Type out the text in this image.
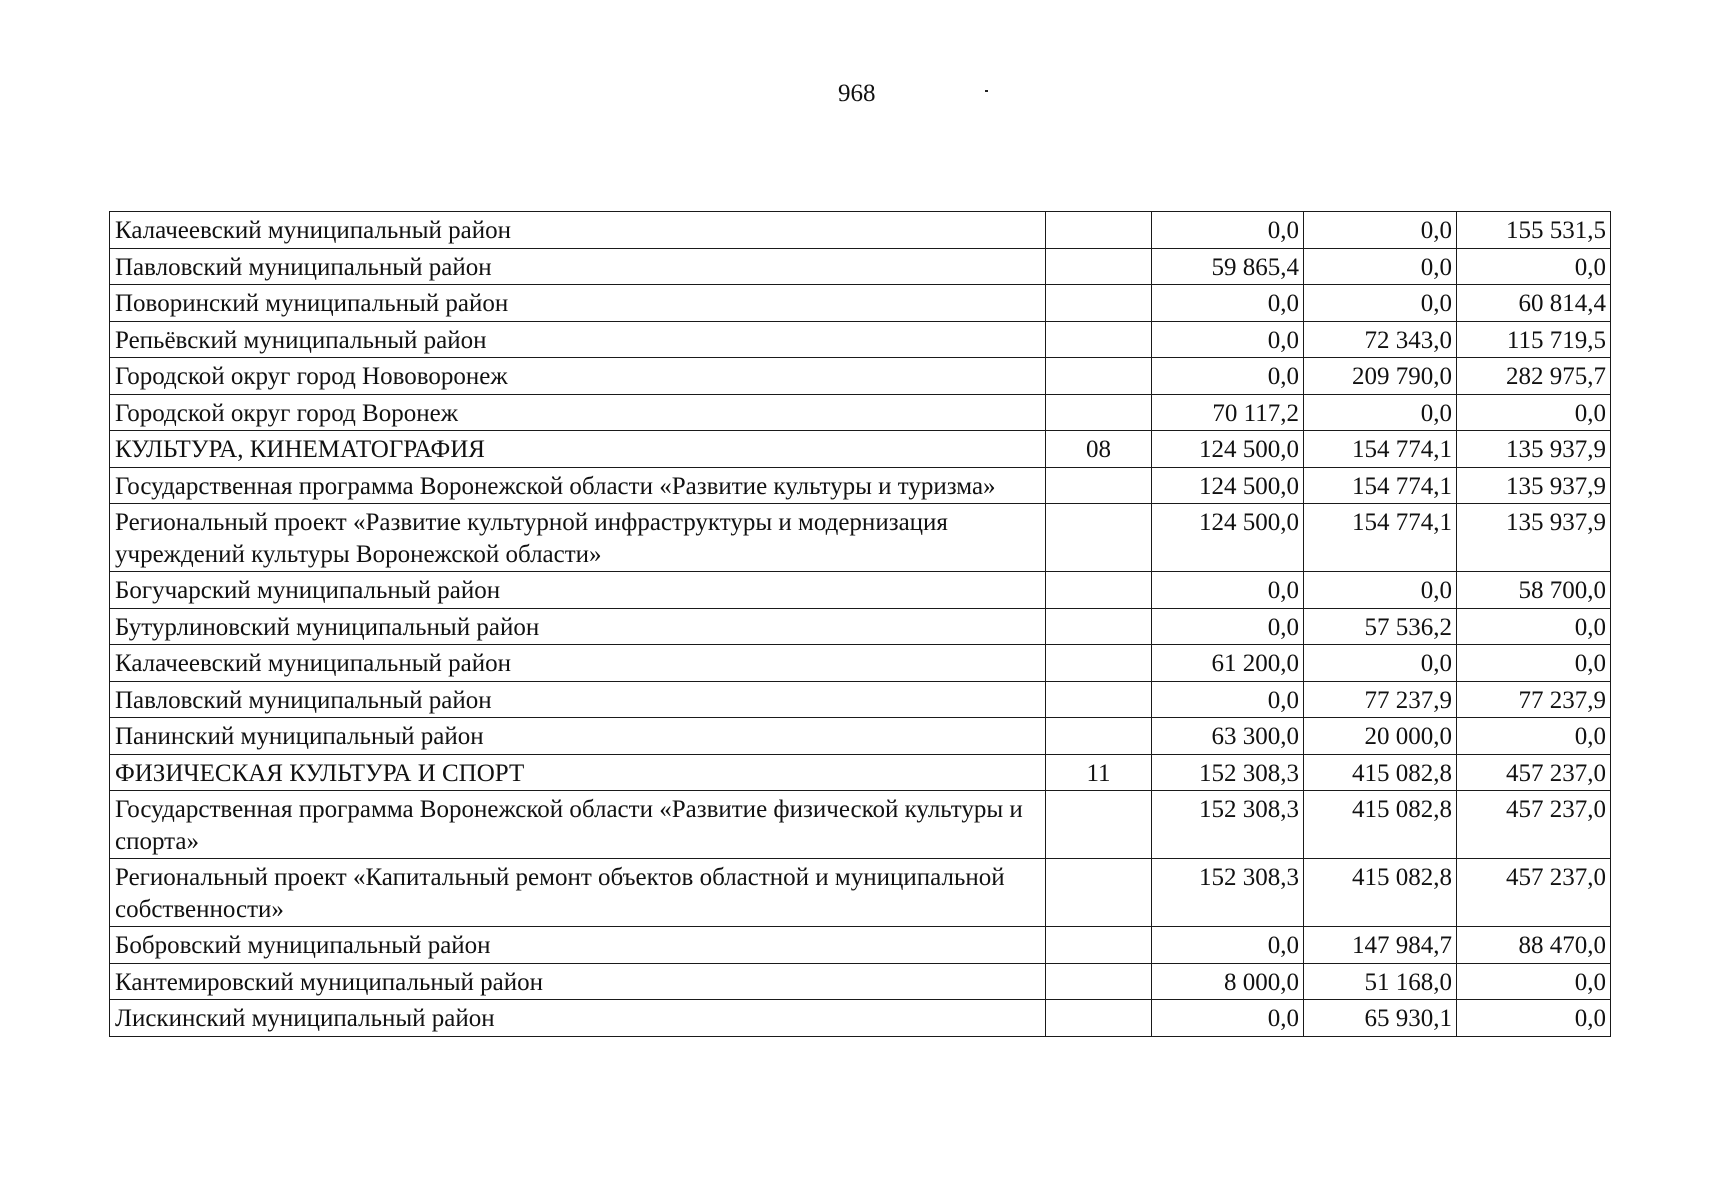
968
Калачеевский муниципальный район		0,0	0,0	155 531,5
Павловский муниципальный район		59 865,4	0,0	0,0
Поворинский муниципальный район		0,0	0,0	60 814,4
Репьёвский муниципальный район		0,0	72 343,0	115 719,5
Городской округ город Нововоронеж		0,0	209 790,0	282 975,7
Городской округ город Воронеж		70 117,2	0,0	0,0
КУЛЬТУРА, КИНЕМАТОГРАФИЯ	08	124 500,0	154 774,1	135 937,9
Государственная программа Воронежской области «Развитие культуры и туризма»		124 500,0	154 774,1	135 937,9
Региональный проект «Развитие культурной инфраструктуры и модернизация учреждений культуры Воронежской области»		124 500,0	154 774,1	135 937,9
Богучарский муниципальный район		0,0	0,0	58 700,0
Бутурлиновский муниципальный район		0,0	57 536,2	0,0
Калачеевский муниципальный район		61 200,0	0,0	0,0
Павловский муниципальный район		0,0	77 237,9	77 237,9
Панинский муниципальный район		63 300,0	20 000,0	0,0
ФИЗИЧЕСКАЯ КУЛЬТУРА И СПОРТ	11	152 308,3	415 082,8	457 237,0
Государственная программа Воронежской области «Развитие физической культуры и спорта»		152 308,3	415 082,8	457 237,0
Региональный проект «Капитальный ремонт объектов областной и муниципальной собственности»		152 308,3	415 082,8	457 237,0
Бобровский муниципальный район		0,0	147 984,7	88 470,0
Кантемировский муниципальный район		8 000,0	51 168,0	0,0
Лискинский муниципальный район		0,0	65 930,1	0,0
